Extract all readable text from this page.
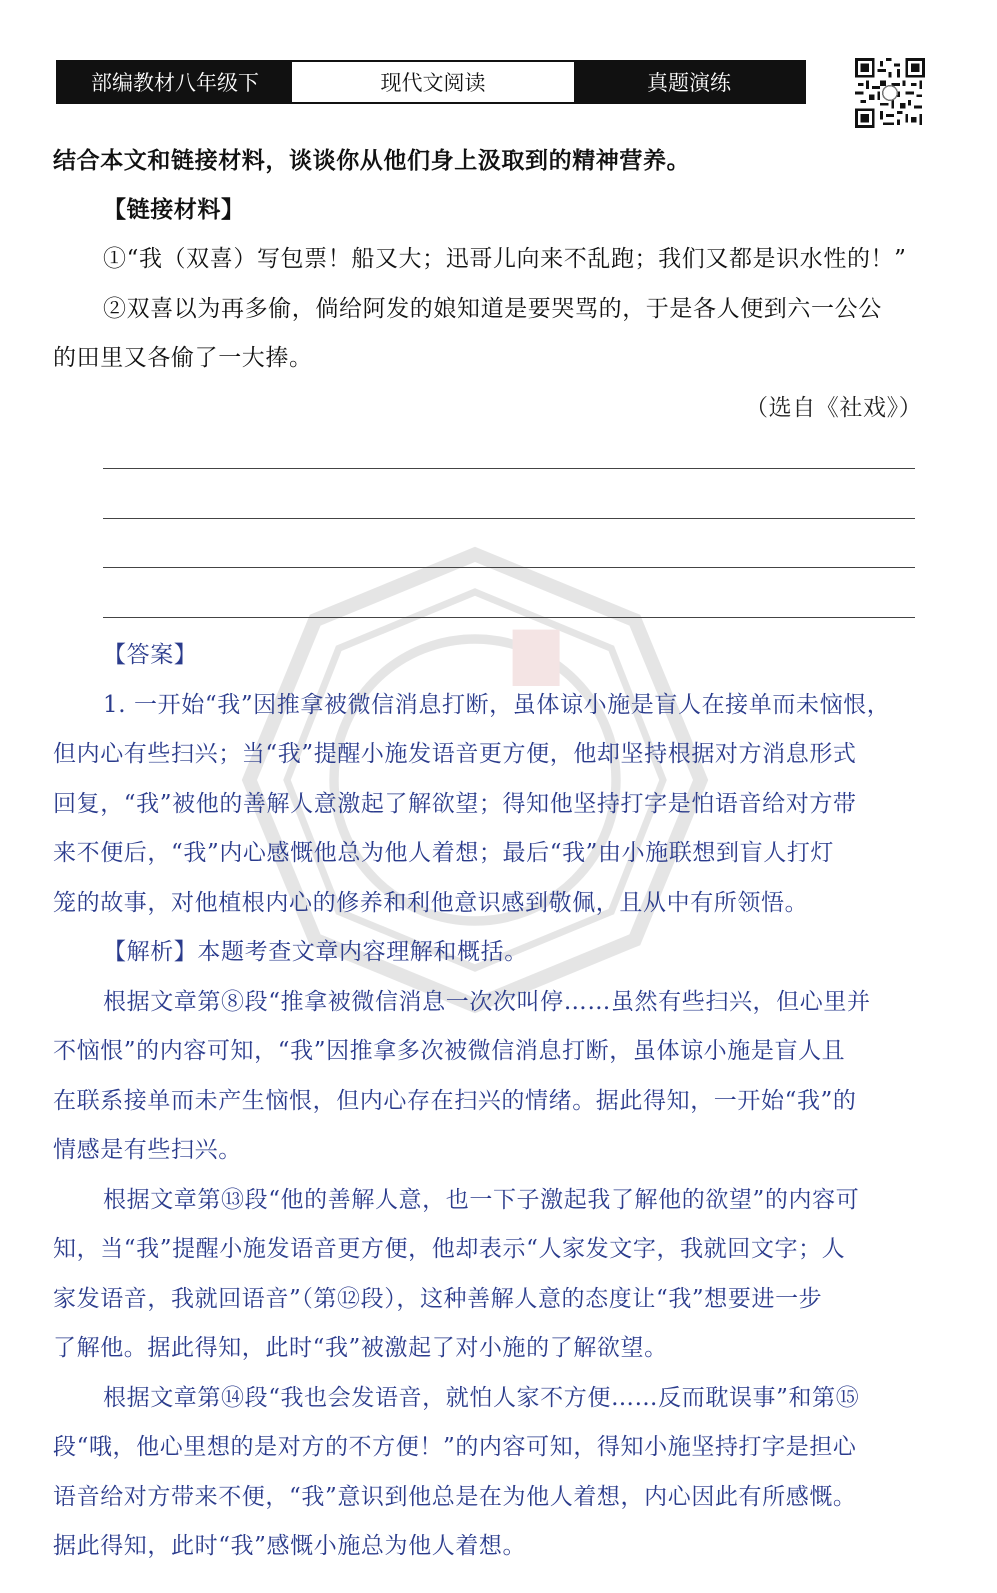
部编教材八年级下	现代文阅读	真题演练
结合本文和链接材料，谈谈你从他们身上汲取到的精神营养。
【链接材料】
①“我（双喜）写包票！船又大；迅哥儿向来不乱跑；我们又都是识水性的！”
②双喜以为再多偷，倘给阿发的娘知道是要哭骂的，于是各人便到六一公公
的田里又各偷了一大捧。
（选自《社戏》）
【答案】
1. 一开始“我”因推拿被微信消息打断，虽体谅小施是盲人在接单而未恼恨，
但内心有些扫兴；当“我”提醒小施发语音更方便，他却坚持根据对方消息形式
回复，“我”被他的善解人意激起了解欲望；得知他坚持打字是怕语音给对方带
来不便后，“我”内心感慨他总为他人着想；最后“我”由小施联想到盲人打灯
笼的故事，对他植根内心的修养和利他意识感到敬佩，且从中有所领悟。
【解析】本题考查文章内容理解和概括。
根据文章第⑧段“推拿被微信消息一次次叫停……虽然有些扫兴，但心里并
不恼恨”的内容可知，“我”因推拿多次被微信消息打断，虽体谅小施是盲人且
在联系接单而未产生恼恨，但内心存在扫兴的情绪。据此得知，一开始“我”的
情感是有些扫兴。
根据文章第⑬段“他的善解人意，也一下子激起我了解他的欲望”的内容可
知，当“我”提醒小施发语音更方便，他却表示“人家发文字，我就回文字；人
家发语音，我就回语音”（第⑫段），这种善解人意的态度让“我”想要进一步
了解他。据此得知，此时“我”被激起了对小施的了解欲望。
根据文章第⑭段“我也会发语音，就怕人家不方便……反而耽误事”和第⑮
段“哦，他心里想的是对方的不方便！”的内容可知，得知小施坚持打字是担心
语音给对方带来不便，“我”意识到他总是在为他人着想，内心因此有所感慨。
据此得知，此时“我”感慨小施总为他人着想。
